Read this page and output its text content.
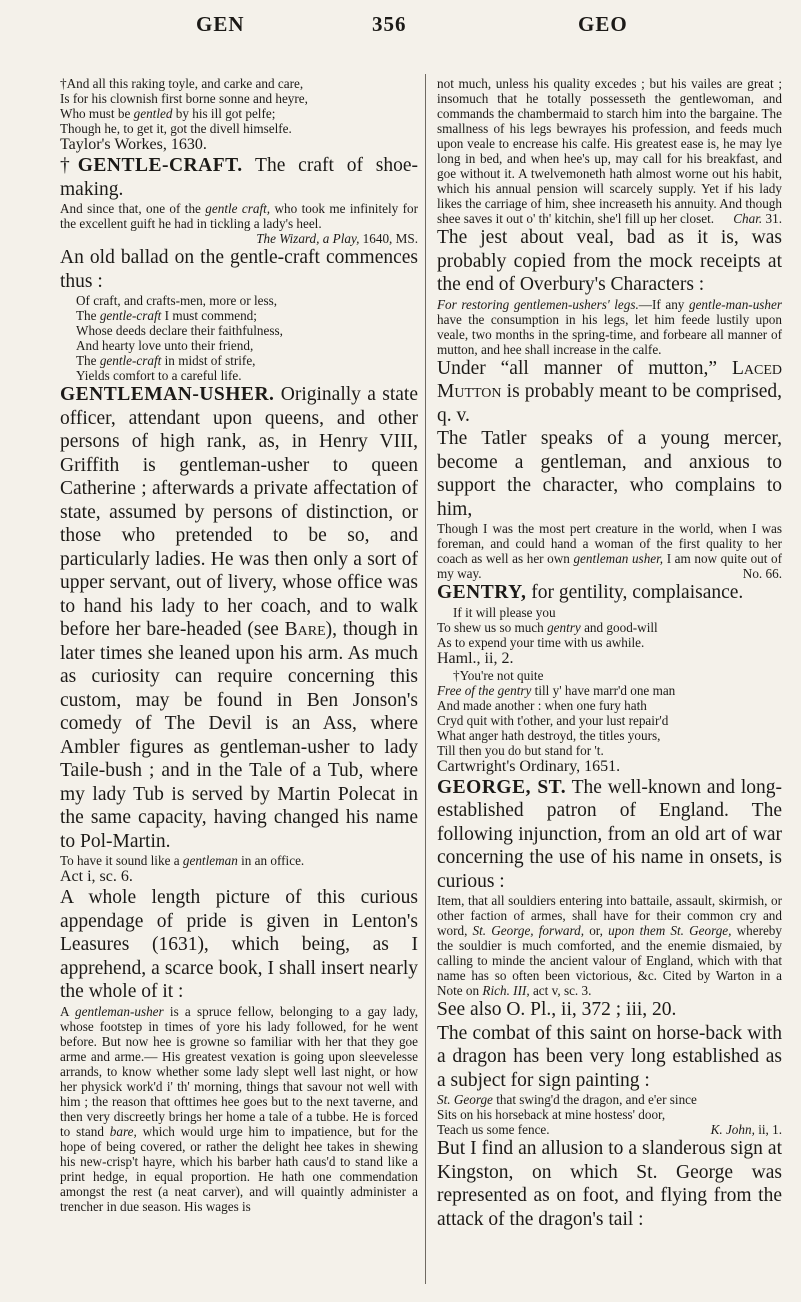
GEN	356	GEO
†And all this raking toyle, and carke and care,
Is for his clownish first borne sonne and heyre,
Who must be gentled by his ill got pelfe;
Though he, to get it, got the divell himselfe.
Taylor's Workes, 1630.
†GENTLE-CRAFT. The craft of shoe-making.
And since that, one of the gentle craft, who took me infinitely for the excellent guift he had in tickling a lady's heel.
The Wizard, a Play, 1640, MS.
An old ballad on the gentle-craft commences thus :
Of craft, and crafts-men, more or less,
The gentle-craft I must commend;
Whose deeds declare their faithfulness,
And hearty love unto their friend,
The gentle-craft in midst of strife,
Yields comfort to a careful life.
GENTLEMAN-USHER. Originally a state officer, attendant upon queens, and other persons of high rank, as, in Henry VIII, Griffith is gentleman-usher to queen Catherine ; afterwards a private affectation of state, assumed by persons of distinction, or those who pretended to be so, and particularly ladies. He was then only a sort of upper servant, out of livery, whose office was to hand his lady to her coach, and to walk before her bare-headed (see Bare), though in later times she leaned upon his arm. As much as curiosity can require concerning this custom, may be found in Ben Jonson's comedy of The Devil is an Ass, where Ambler figures as gentleman-usher to lady Taile-bush ; and in the Tale of a Tub, where my lady Tub is served by Martin Polecat in the same capacity, having changed his name to Pol-Martin.
To have it sound like a gentleman in an office.
Act i, sc. 6.
A whole length picture of this curious appendage of pride is given in Lenton's Leasures (1631), which being, as I apprehend, a scarce book, I shall insert nearly the whole of it :
A gentleman-usher is a spruce fellow, belonging to a gay lady, whose footstep in times of yore his lady followed, for he went before. But now hee is growne so familiar with her that they goe arme and arme.— His greatest vexation is going upon sleevelesse arrands, to know whether some lady slept well last night, or how her physick work'd i' th' morning, things that savour not well with him ; the reason that ofttimes hee goes but to the next taverne, and then very discreetly brings her home a tale of a tubbe. He is forced to stand bare, which would urge him to impatience, but for the hope of being covered, or rather the delight hee takes in shewing his new-crisp't hayre, which his barber hath caus'd to stand like a print hedge, in equal proportion. He hath one commendation amongst the rest (a neat carver), and will quaintly administer a trencher in due season. His wages is
not much, unless his quality excedes ; but his vailes are great ; insomuch that he totally possesseth the gentlewoman, and commands the chambermaid to starch him into the bargaine. The smallness of his legs bewrayes his profession, and feeds much upon veale to encrease his calfe. His greatest ease is, he may lye long in bed, and when hee's up, may call for his breakfast, and goe without it. A twelvemoneth hath almost worne out his habit, which his annual pension will scarcely supply. Yet if his lady likes the carriage of him, shee increaseth his annuity. And though shee saves it out o' th' kitchin, she'l fill up her closet. Char. 31.
The jest about veal, bad as it is, was probably copied from the mock receipts at the end of Overbury's Characters :
For restoring gentlemen-ushers' legs.—If any gentle-man-usher have the consumption in his legs, let him feede lustily upon veale, two months in the spring-time, and forbeare all manner of mutton, and hee shall increase in the calfe.
Under “all manner of mutton,” Laced Mutton is probably meant to be comprised, q. v.
The Tatler speaks of a young mercer, become a gentleman, and anxious to support the character, who complains to him,
Though I was the most pert creature in the world, when I was foreman, and could hand a woman of the first quality to her coach as well as her own gentleman usher, I am now quite out of my way.	No. 66.
GENTRY, for gentility, complaisance.
If it will please you
To shew us so much gentry and good-will
As to expend your time with us awhile.
Haml., ii, 2.
†You're not quite
Free of the gentry till y' have marr'd one man
And made another : when one fury hath
Cryd quit with t'other, and your lust repair'd
What anger hath destroyd, the titles yours,
Till then you do but stand for 't.
Cartwright's Ordinary, 1651.
GEORGE, ST. The well-known and long-established patron of England. The following injunction, from an old art of war concerning the use of his name in onsets, is curious :
Item, that all souldiers entering into battaile, assault, skirmish, or other faction of armes, shall have for their common cry and word, St. George, forward, or, upon them St. George, whereby the souldier is much comforted, and the enemie dismaied, by calling to minde the ancient valour of England, which with that name has so often been victorious, &c. Cited by Warton in a Note on Rich. III, act v, sc. 3.
See also O. Pl., ii, 372 ; iii, 20.
The combat of this saint on horse-back with a dragon has been very long established as a subject for sign painting :
St. George that swing'd the dragon, and e'er since
Sits on his horseback at mine hostess' door,
Teach us some fence.	K. John, ii, 1.
But I find an allusion to a slanderous sign at Kingston, on which St. George was represented as on foot, and flying from the attack of the dragon's tail :
